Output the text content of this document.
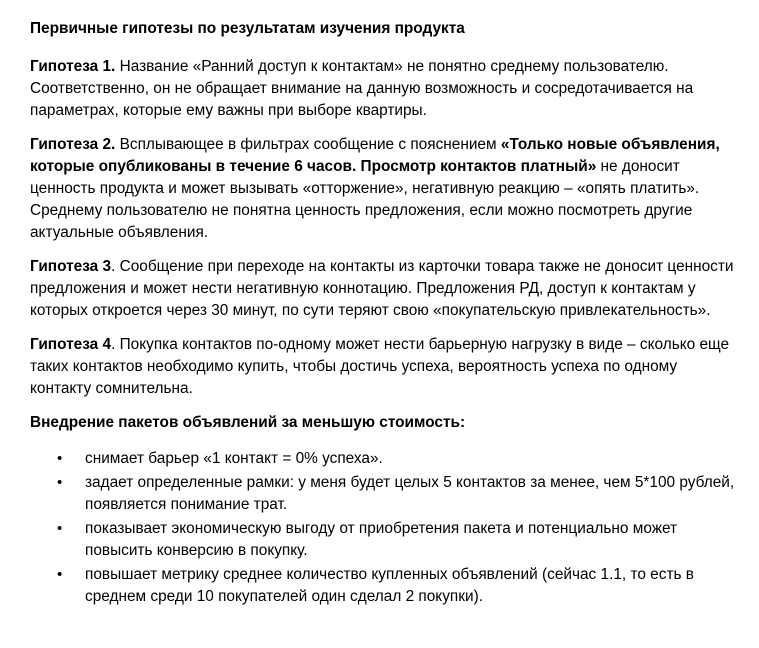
Первичные гипотезы по результатам изучения продукта

Гипотеза 1. Название «Ранний доступ к контактам» не понятно среднему пользователю. Соответственно, он не обращает внимание на данную возможность и сосредотачивается на параметрах, которые ему важны при выборе квартиры.

Гипотеза 2. Всплывающее в фильтрах сообщение с пояснением «Только новые объявления, которые опубликованы в течение 6 часов. Просмотр контактов платный» не доносит ценность продукта и может вызывать «отторжение», негативную реакцию – «опять платить». Среднему пользователю не понятна ценность предложения, если можно посмотреть другие актуальные объявления.

Гипотеза 3. Сообщение при переходе на контакты из карточки товара также не доносит ценности предложения и может нести негативную коннотацию. Предложения РД, доступ к контактам у которых откроется через 30 минут, по сути теряют свою «покупательскую привлекательность».

Гипотеза 4. Покупка контактов по-одному может нести барьерную нагрузку в виде – сколько еще таких контактов необходимо купить, чтобы достичь успеха, вероятность успеха по одному контакту сомнительна.

Внедрение пакетов объявлений за меньшую стоимость:
• снимает барьер «1 контакт = 0% успеха».
• задает определенные рамки: у меня будет целых 5 контактов за менее, чем 5*100 рублей, появляется понимание трат.
• показывает экономическую выгоду от приобретения пакета и потенциально может повысить конверсию в покупку.
• повышает метрику среднее количество купленных объявлений (сейчас 1.1, то есть в среднем среди 10 покупателей один сделал 2 покупки).
